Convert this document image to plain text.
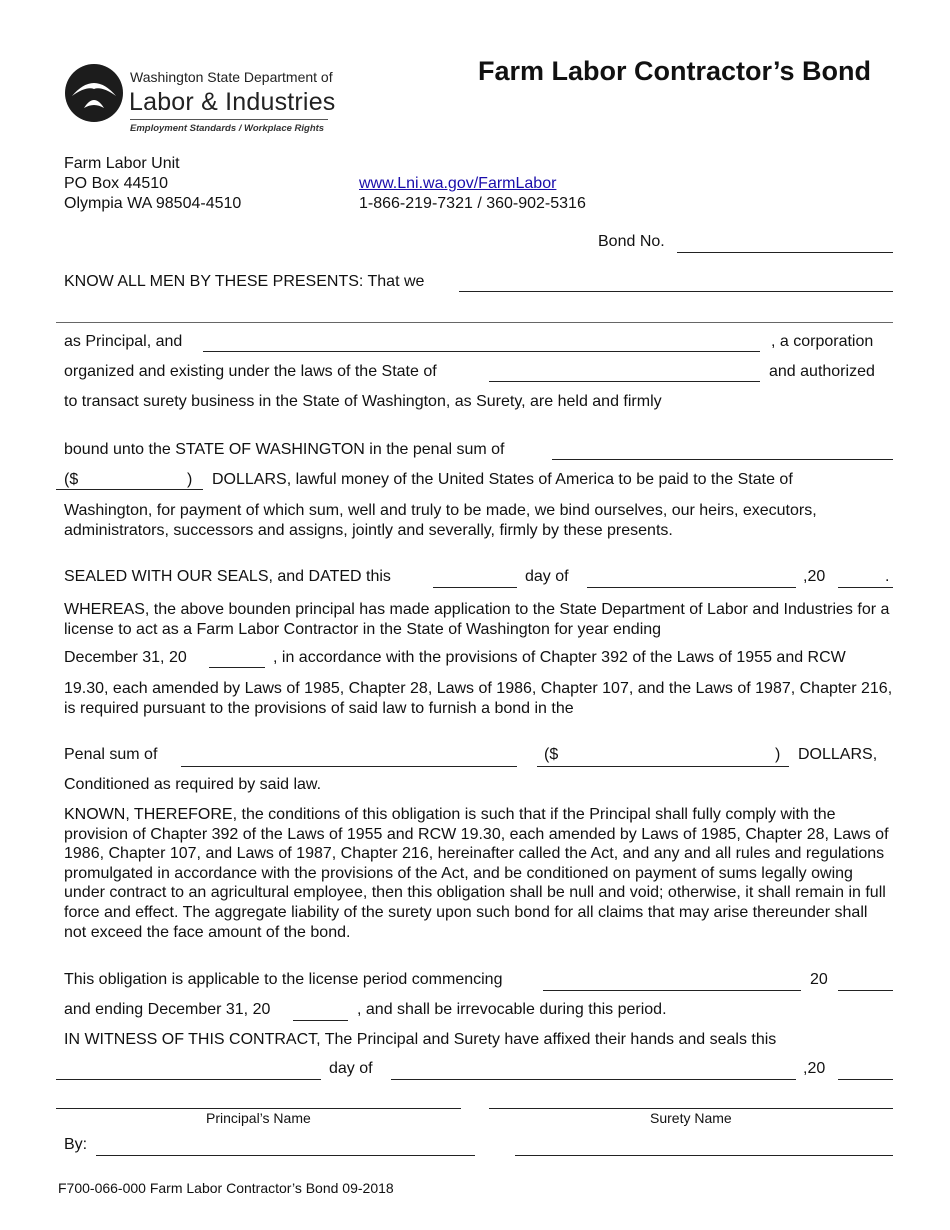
Washington State Department of
Labor & Industries
Employment Standards / Workplace Rights
Farm Labor Contractor’s Bond
Farm Labor Unit
PO Box 44510
Olympia WA 98504-4510
www.Lni.wa.gov/FarmLabor
1-866-219-7321 / 360-902-5316
Bond No.
KNOW ALL MEN BY THESE PRESENTS: That we
as Principal, and	, a corporation
organized and existing under the laws of the State of	and authorized
to transact surety business in the State of Washington, as Surety, are held and firmly
bound unto the STATE OF WASHINGTON in the penal sum of
($	) DOLLARS, lawful money of the United States of America to be paid to the State of
Washington, for payment of which sum, well and truly to be made, we bind ourselves, our heirs, executors, administrators, successors and assigns, jointly and severally, firmly by these presents.
SEALED WITH OUR SEALS, and DATED this	day of	,20	.
WHEREAS, the above bounden principal has made application to the State Department of Labor and Industries for a license to act as a Farm Labor Contractor in the State of Washington for year ending
December 31, 20	, in accordance with the provisions of Chapter 392 of the Laws of 1955 and RCW
19.30, each amended by Laws of 1985, Chapter 28, Laws of 1986, Chapter 107, and the Laws of 1987, Chapter 216, is required pursuant to the provisions of said law to furnish a bond in the
Penal sum of	($	) DOLLARS,
Conditioned as required by said law.
KNOWN, THEREFORE, the conditions of this obligation is such that if the Principal shall fully comply with the provision of Chapter 392 of the Laws of 1955 and RCW 19.30, each amended by Laws of 1985, Chapter 28, Laws of 1986, Chapter 107, and Laws of 1987, Chapter 216, hereinafter called the Act, and any and all rules and regulations promulgated in accordance with the provisions of the Act, and be conditioned on payment of sums legally owing under contract to an agricultural employee, then this obligation shall be null and void; otherwise, it shall remain in full force and effect. The aggregate liability of the surety upon such bond for all claims that may arise thereunder shall not exceed the face amount of the bond.
This obligation is applicable to the license period commencing	20
and ending December 31, 20	, and shall be irrevocable during this period.
IN WITNESS OF THIS CONTRACT, The Principal and Surety have affixed their hands and seals this
day of	,20
Principal’s Name	Surety Name
By:
F700-066-000 Farm Labor Contractor’s Bond 09-2018
